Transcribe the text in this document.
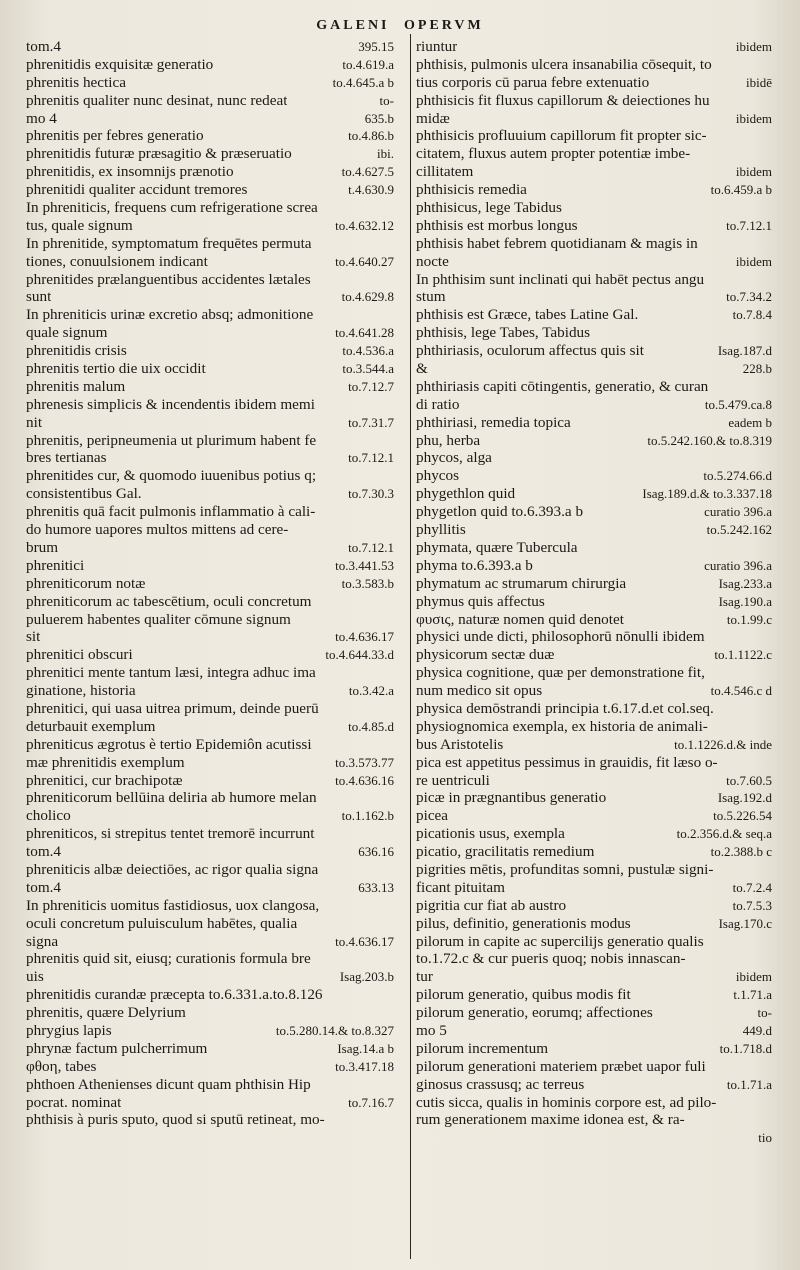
GALENI OPERVM
tom.4	395.15
phrenitidis exquisitæ generatio	to.4.619.a
phrenitis hectica	to.4.645.a b
phrenitis qualiter nunc desinat, nunc redeat	to-
mo 4	635.b
phrenitis per febres generatio	to.4.86.b
phrenitidis futuræ præsagitio & præseruatio	ibi.
phrenitidis, ex insomnijs prænotio	to.4.627.5
phrenitidi qualiter accidunt tremores	t.4.630.9
In phreniticis, frequens cum refrigeratione screa
tus, quale signum	to.4.632.12
In phrenitide, symptomatum frequētes permuta
tiones, conuulsionem indicant	to.4.640.27
phrenitides prælanguentibus accidentes lætales
sunt	to.4.629.8
In phreniticis urinæ excretio absq; admonitione
quale signum	to.4.641.28
phrenitidis crisis	to.4.536.a
phrenitis tertio die uix occidit	to.3.544.a
phrenitis malum	to.7.12.7
phrenesis simplicis & incendentis ibidem memi
nit	to.7.31.7
phrenitis, peripneumenia ut plurimum habent fe
bres tertianas	to.7.12.1
phrenitides cur, & quomodo iuuenibus potius q;
consistentibus Gal.	to.7.30.3
phrenitis quā facit pulmonis inflammatio à cali-
do humore uapores multos mittens ad cere-
brum	to.7.12.1
phrenitici	to.3.441.53
phreniticorum notæ	to.3.583.b
phreniticorum ac tabescētium, oculi concretum
puluerem habentes qualiter cōmune signum
sit	to.4.636.17
phrenitici obscuri	to.4.644.33.d
phrenitici mente tantum læsi, integra adhuc ima
ginatione, historia	to.3.42.a
phrenitici, qui uasa uitrea primum, deinde puerū
deturbauit exemplum	to.4.85.d
phreniticus ægrotus è tertio Epidemiôn acutissi
mæ phrenitidis exemplum	to.3.573.77
phrenitici, cur brachipotæ	to.4.636.16
phreniticorum bellūina deliria ab humore melan
cholico	to.1.162.b
phreniticos, si strepitus tentet tremorē incurrunt
tom.4	636.16
phreniticis albæ deiectiōes, ac rigor qualia signa
tom.4	633.13
In phreniticis uomitus fastidiosus, uox clangosa,
oculi concretum puluisculum habētes, qualia
signa	to.4.636.17
phrenitis quid sit, eiusq; curationis formula bre
uis	Isag.203.b
phrenitidis curandæ præcepta to.6.331.a.to.8.126
phrenitis, quære Delyrium
phrygius lapis	to.5.280.14.& to.8.327
phrynæ factum pulcherrimum	Isag.14.a b
φθοη, tabes	to.3.417.18
phthoen Athenienses dicunt quam phthisin Hip
pocrat. nominat	to.7.16.7
phthisis à puris sputo, quod si sputū retineat, mo-
riuntur	ibidem
phthisis, pulmonis ulcera insanabilia cōsequit, to
tius corporis cū parua febre extenuatio	ibidē
phthisicis fit fluxus capillorum & deiectiones hu
midæ	ibidem
phthisicis profluuium capillorum fit propter sic-
citatem, fluxus autem propter potentiæ imbe-
cillitatem	ibidem
phthisicis remedia	to.6.459.a b
phthisicus, lege Tabidus
phthisis est morbus longus	to.7.12.1
phthisis habet febrem quotidianam & magis in
nocte	ibidem
In phthisim sunt inclinati qui habēt pectus angu
stum	to.7.34.2
phthisis est Græce, tabes Latine Gal.	to.7.8.4
phthisis, lege Tabes, Tabidus
phthiriasis, oculorum affectus quis sit	Isag.187.d
&	228.b
phthiriasis capiti cōtingentis, generatio, & curan
di ratio	to.5.479.ca.8
phthiriasi, remedia topica	eadem b
phu, herba	to.5.242.160.& to.8.319
phycos, alga
phycos	to.5.274.66.d
phygethlon quid	Isag.189.d.& to.3.337.18
phygetlon quid to.6.393.a b	curatio 396.a
phyllitis	to.5.242.162
phymata, quære Tubercula
phyma to.6.393.a b	curatio 396.a
phymatum ac strumarum chirurgia	Isag.233.a
phymus quis affectus	Isag.190.a
φυσις, naturæ nomen quid denotet	to.1.99.c
physici unde dicti, philosophorū nōnulli ibidem
physicorum sectæ duæ	to.1.1122.c
physica cognitione, quæ per demonstratione fit,
num medico sit opus	to.4.546.c d
physica demōstrandi principia t.6.17.d.et col.seq.
physiognomica exempla, ex historia de animali-
bus Aristotelis	to.1.1226.d.& inde
pica est appetitus pessimus in grauidis, fit læso o-
re uentriculi	to.7.60.5
picæ in prægnantibus generatio	Isag.192.d
picea	to.5.226.54
picationis usus, exempla	to.2.356.d.& seq.a
picatio, gracilitatis remedium	to.2.388.b c
pigrities mētis, profunditas somni, pustulæ signi-
ficant pituitam	to.7.2.4
pigritia cur fiat ab austro	to.7.5.3
pilus, definitio, generationis modus	Isag.170.c
pilorum in capite ac supercilijs generatio qualis
to.1.72.c & cur pueris quoq; nobis innascan-
tur	ibidem
pilorum generatio, quibus modis fit	t.1.71.a
pilorum generatio, eorumq; affectiones	to-
mo 5	449.d
pilorum incrementum	to.1.718.d
pilorum generationi materiem præbet uapor fuli
ginosus crassusq; ac terreus	to.1.71.a
cutis sicca, qualis in hominis corpore est, ad pilo-
rum generationem maxime idonea est, & ra-
tio
